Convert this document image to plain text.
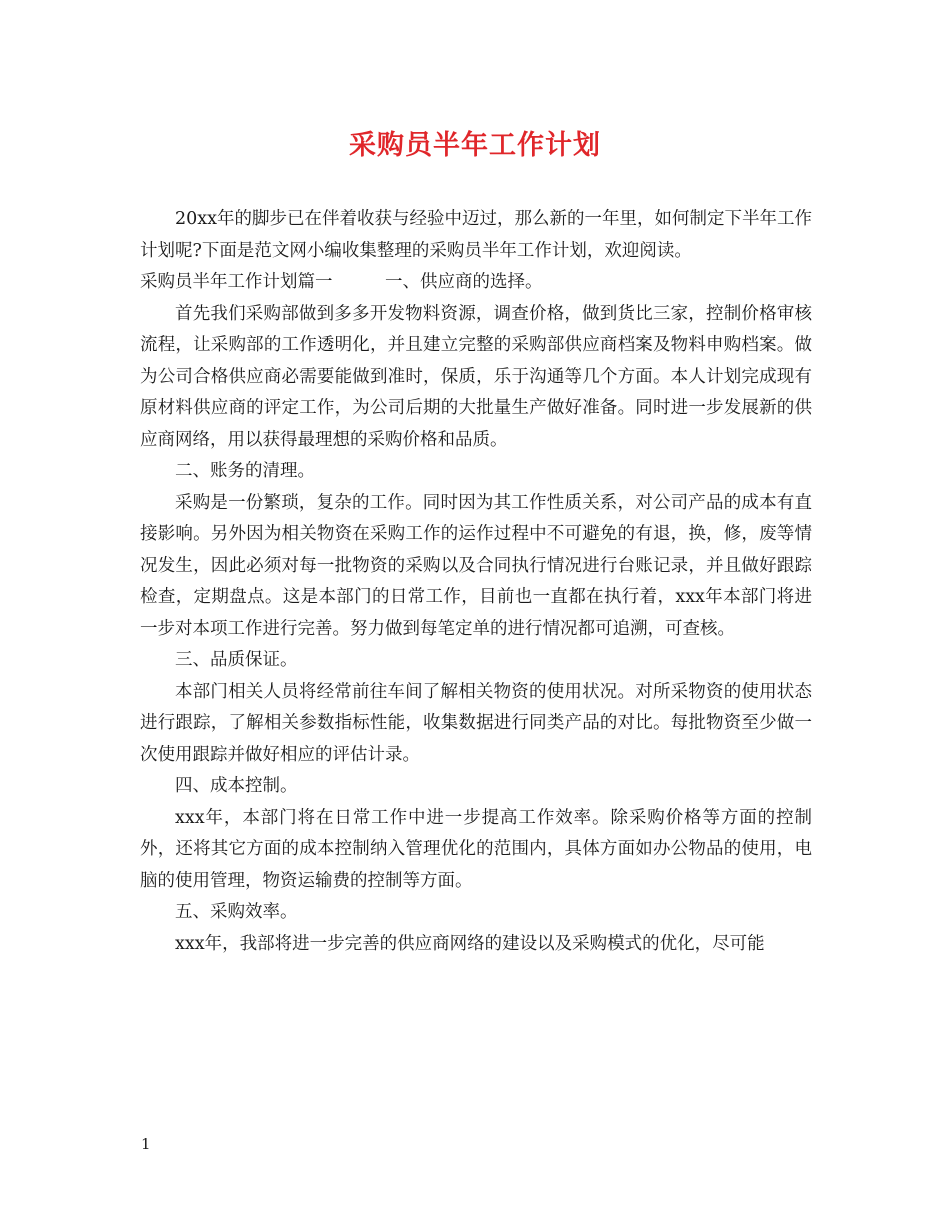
采购员半年工作计划

20xx年的脚步已在伴着收获与经验中迈过，那么新的一年里，如何制定下半年工作计划呢?下面是范文网小编收集整理的采购员半年工作计划，欢迎阅读。

采购员半年工作计划篇一　　　一、供应商的选择。

首先我们采购部做到多多开发物料资源，调查价格，做到货比三家，控制价格审核流程，让采购部的工作透明化，并且建立完整的采购部供应商档案及物料申购档案。做为公司合格供应商必需要能做到准时，保质，乐于沟通等几个方面。本人计划完成现有原材料供应商的评定工作，为公司后期的大批量生产做好准备。同时进一步发展新的供应商网络，用以获得最理想的采购价格和品质。

二、账务的清理。

采购是一份繁琐，复杂的工作。同时因为其工作性质关系，对公司产品的成本有直接影响。另外因为相关物资在采购工作的运作过程中不可避免的有退，换，修，废等情况发生，因此必须对每一批物资的采购以及合同执行情况进行台账记录，并且做好跟踪检查，定期盘点。这是本部门的日常工作，目前也一直都在执行着，xxx年本部门将进一步对本项工作进行完善。努力做到每笔定单的进行情况都可追溯，可查核。

三、品质保证。

本部门相关人员将经常前往车间了解相关物资的使用状况。对所采物资的使用状态进行跟踪，了解相关参数指标性能，收集数据进行同类产品的对比。每批物资至少做一次使用跟踪并做好相应的评估计录。

四、成本控制。

xxx年，本部门将在日常工作中进一步提高工作效率。除采购价格等方面的控制外，还将其它方面的成本控制纳入管理优化的范围内，具体方面如办公物品的使用，电脑的使用管理，物资运输费的控制等方面。

五、采购效率。

xxx年，我部将进一步完善的供应商网络的建设以及采购模式的优化，尽可能

1
